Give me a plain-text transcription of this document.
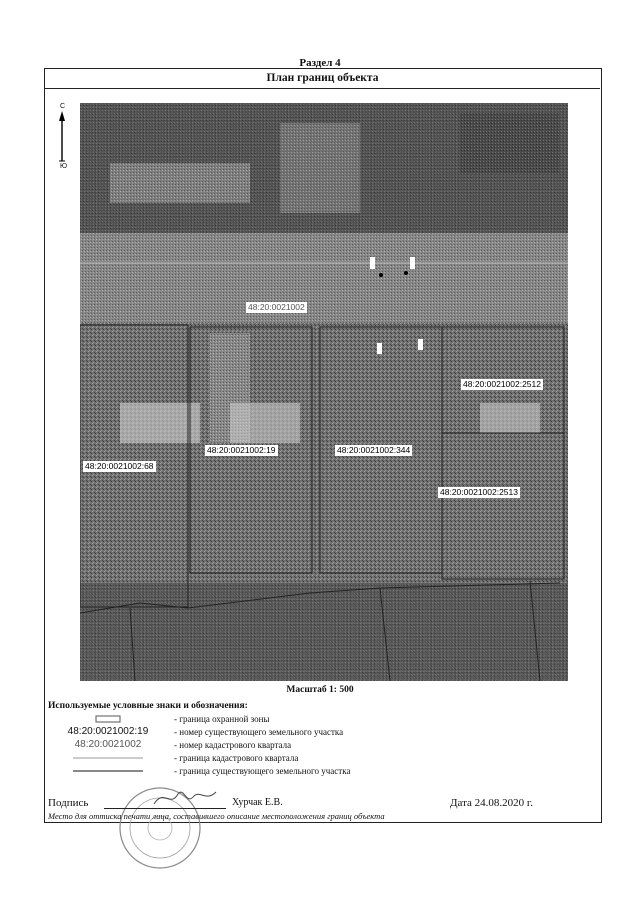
Раздел 4
План границ объекта
С
Ю
48:20:0021002
48:20:0021002:68
48:20:0021002:19	48:20:0021002:344
48:20:0021002:2512
48:20:0021002:2513
Масштаб 1: 500
Используемые условные знаки и обозначения:
- граница охранной зоны
48:20:0021002:19	- номер существующего земельного участка
48:20:0021002	- номер кадастрового квартала
- граница кадастрового квартала
- граница существующего земельного участка
Подпись	Хурчак Е.В.	Дата 24.08.2020 г.
Место для оттиска печати лица, составившего описание местоположения границ объекта
